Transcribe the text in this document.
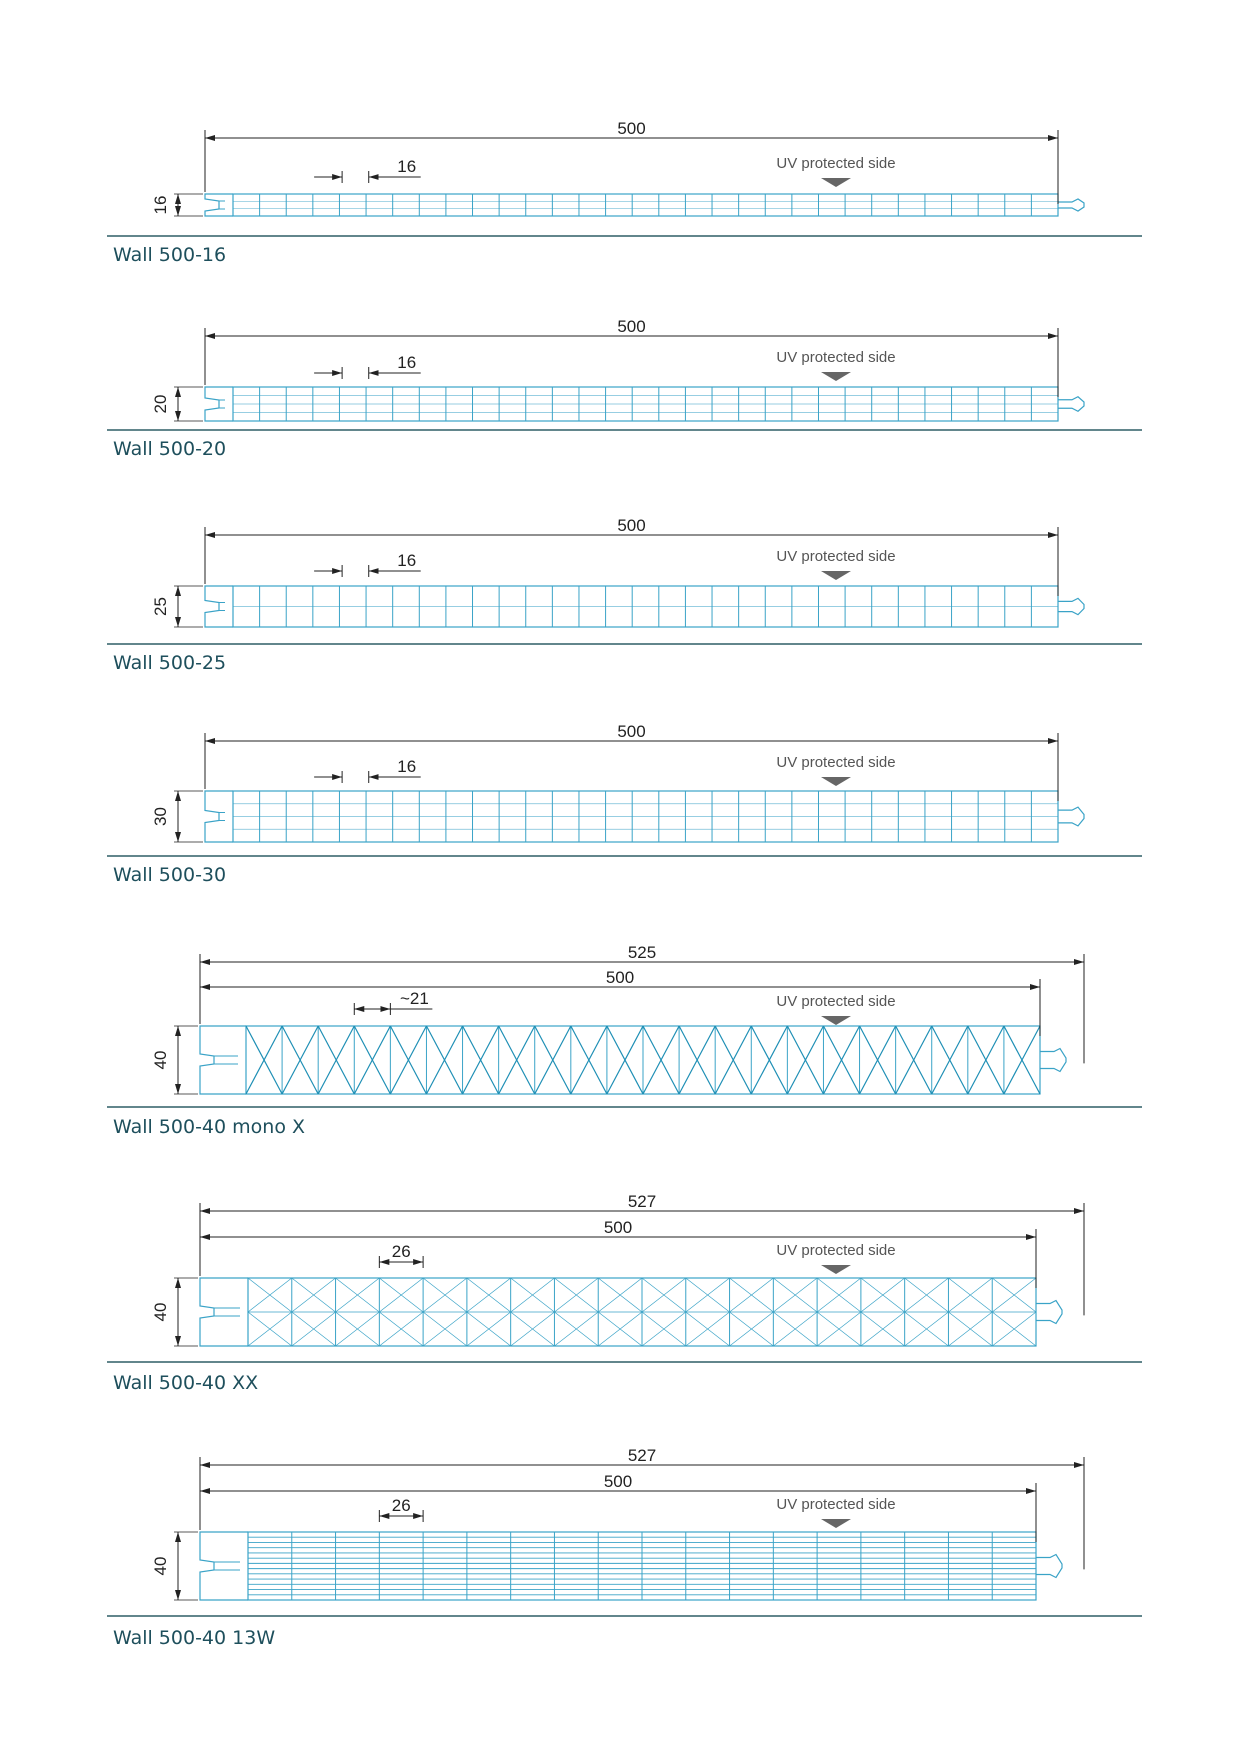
500
UV protected side
16
16
500
UV protected side
20
16
500
UV protected side
25
16
500
UV protected side
30
16
525
500
UV protected side
40
~21
527
500
UV protected side
40
26
527
500
UV protected side
40
26
Wall 500-16
Wall 500-20
Wall 500-25
Wall 500-30
Wall 500-40 mono X
Wall 500-40 XX
Wall 500-40 13W
